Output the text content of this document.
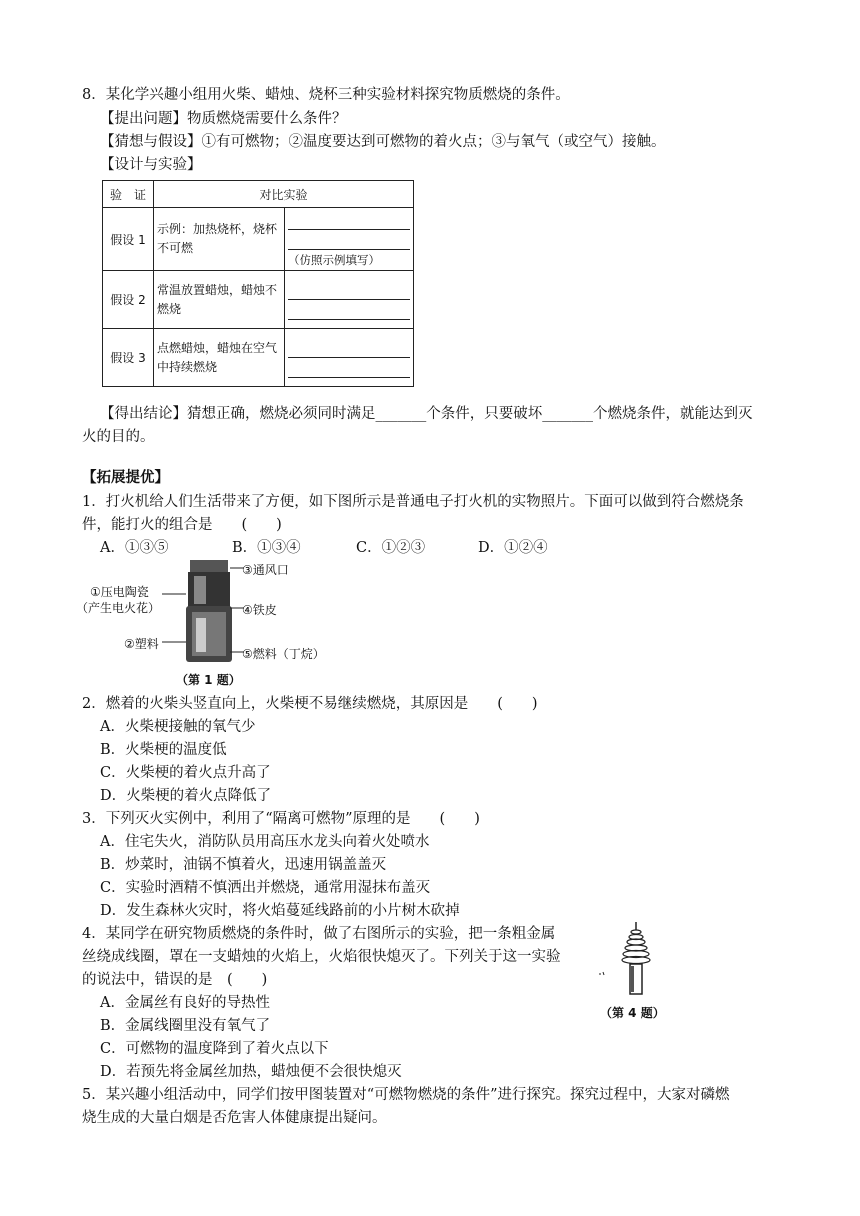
8．某化学兴趣小组用火柴、蜡烛、烧杯三种实验材料探究物质燃烧的条件。
【提出问题】物质燃烧需要什么条件？
【猜想与假设】①有可燃物；②温度要达到可燃物的着火点；③与氧气（或空气）接触。
【设计与实验】
验　证	对比实验	
假设 1	示例：加热烧杯，烧杯不可燃	（仿照示例填写）

假设 2	常温放置蜡烛，蜡烛不燃烧	

假设 3	点燃蜡烛，蜡烛在空气中持续燃烧	
【得出结论】猜想正确，燃烧必须同时满足_______个条件，只要破坏_______个燃烧条件，就能达到灭
火的目的。
【拓展提优】
1．打火机给人们生活带来了方便，如下图所示是普通电子打火机的实物照片。下面可以做到符合燃烧条
件，能打火的组合是　　(　　)
A．①③⑤	B．①③④	C．①②③	D．①②④
①压电陶瓷
（产生电火花）
②塑料
③通风口
④铁皮
⑤燃料（丁烷）
（第 1 题）
2．燃着的火柴头竖直向上，火柴梗不易继续燃烧，其原因是　　(　　)
A．火柴梗接触的氧气少
B．火柴梗的温度低
C．火柴梗的着火点升高了
D．火柴梗的着火点降低了
3．下列灭火实例中，利用了“隔离可燃物”原理的是　　(　　)
A．住宅失火，消防队员用高压水龙头向着火处喷水
B．炒菜时，油锅不慎着火，迅速用锅盖盖灭
C．实验时酒精不慎洒出并燃烧，通常用湿抹布盖灭
D．发生森林火灾时，将火焰蔓延线路前的小片树木砍掉
4．某同学在研究物质燃烧的条件时，做了右图所示的实验，把一条粗金属
丝绕成线圈，罩在一支蜡烛的火焰上，火焰很快熄灭了。下列关于这一实验
的说法中，错误的是　(　　)
A．金属丝有良好的导热性
B．金属线圈里没有氧气了
C．可燃物的温度降到了着火点以下
D．若预先将金属丝加热，蜡烛便不会很快熄灭
（第 4 题）
5．某兴趣小组活动中，同学们按甲图装置对“可燃物燃烧的条件”进行探究。探究过程中，大家对磷燃
烧生成的大量白烟是否危害人体健康提出疑问。
